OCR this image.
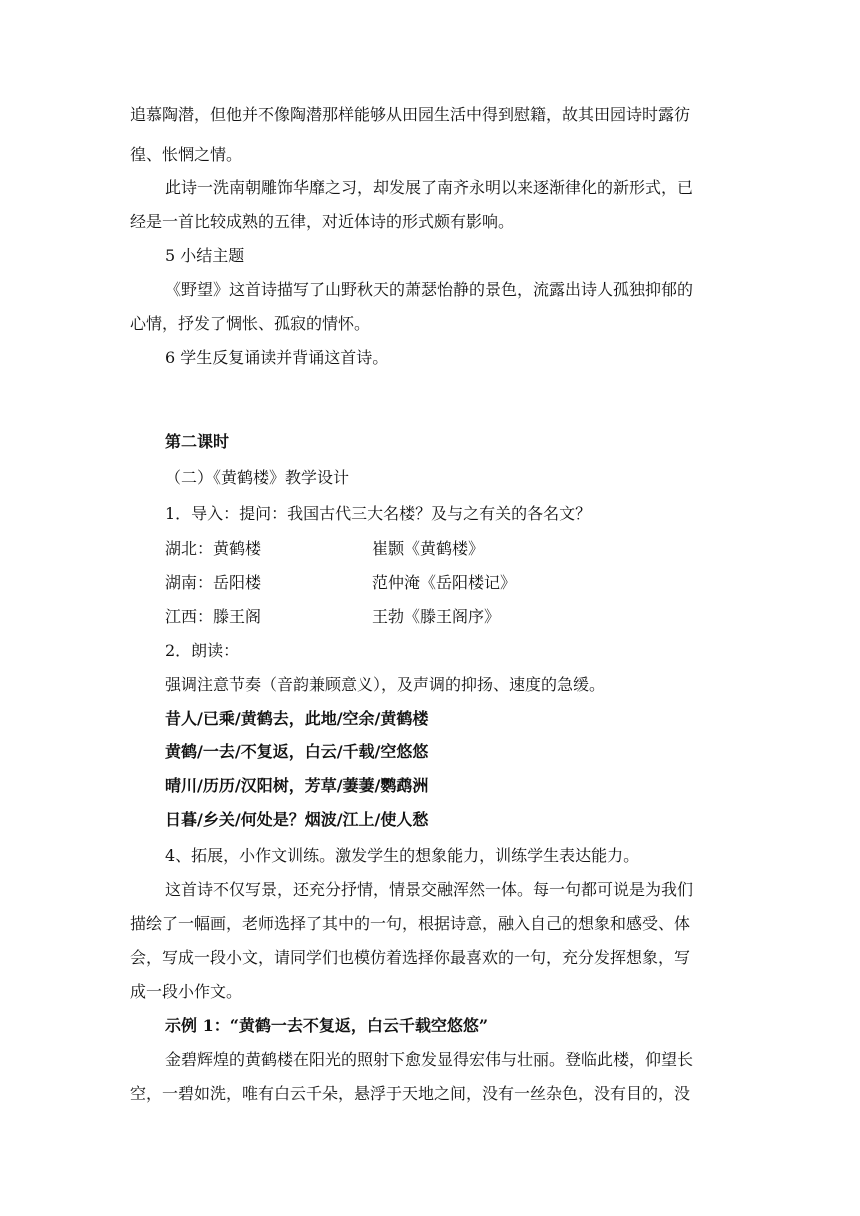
追慕陶潜，但他并不像陶潜那样能够从田园生活中得到慰籍，故其田园诗时露彷
徨、怅惘之情。
此诗一洗南朝雕饰华靡之习，却发展了南齐永明以来逐渐律化的新形式，已
经是一首比较成熟的五律，对近体诗的形式颇有影响。
5 小结主题
《野望》这首诗描写了山野秋天的萧瑟怡静的景色，流露出诗人孤独抑郁的
心情，抒发了惆怅、孤寂的情怀。
6 学生反复诵读并背诵这首诗。
第二课时
（二）《黄鹤楼》教学设计
1．导入：提问：我国古代三大名楼？及与之有关的各名文？
湖北：黄鹤楼	崔颢《黄鹤楼》
湖南：岳阳楼	范仲淹《岳阳楼记》
江西：滕王阁	王勃《滕王阁序》
2．朗读：
强调注意节奏（音韵兼顾意义），及声调的抑扬、速度的急缓。
昔人/已乘/黄鹤去，此地/空余/黄鹤楼
黄鹤/一去/不复返，白云/千载/空悠悠
晴川/历历/汉阳树，芳草/萋萋/鹦鹉洲
日暮/乡关/何处是？烟波/江上/使人愁
4、拓展，小作文训练。激发学生的想象能力，训练学生表达能力。
这首诗不仅写景，还充分抒情，情景交融浑然一体。每一句都可说是为我们
描绘了一幅画，老师选择了其中的一句，根据诗意，融入自己的想象和感受、体
会，写成一段小文，请同学们也模仿着选择你最喜欢的一句，充分发挥想象，写
成一段小作文。
示例 1：“黄鹤一去不复返，白云千载空悠悠”
金碧辉煌的黄鹤楼在阳光的照射下愈发显得宏伟与壮丽。登临此楼，仰望长
空，一碧如洗，唯有白云千朵，悬浮于天地之间，没有一丝杂色，没有目的，没
